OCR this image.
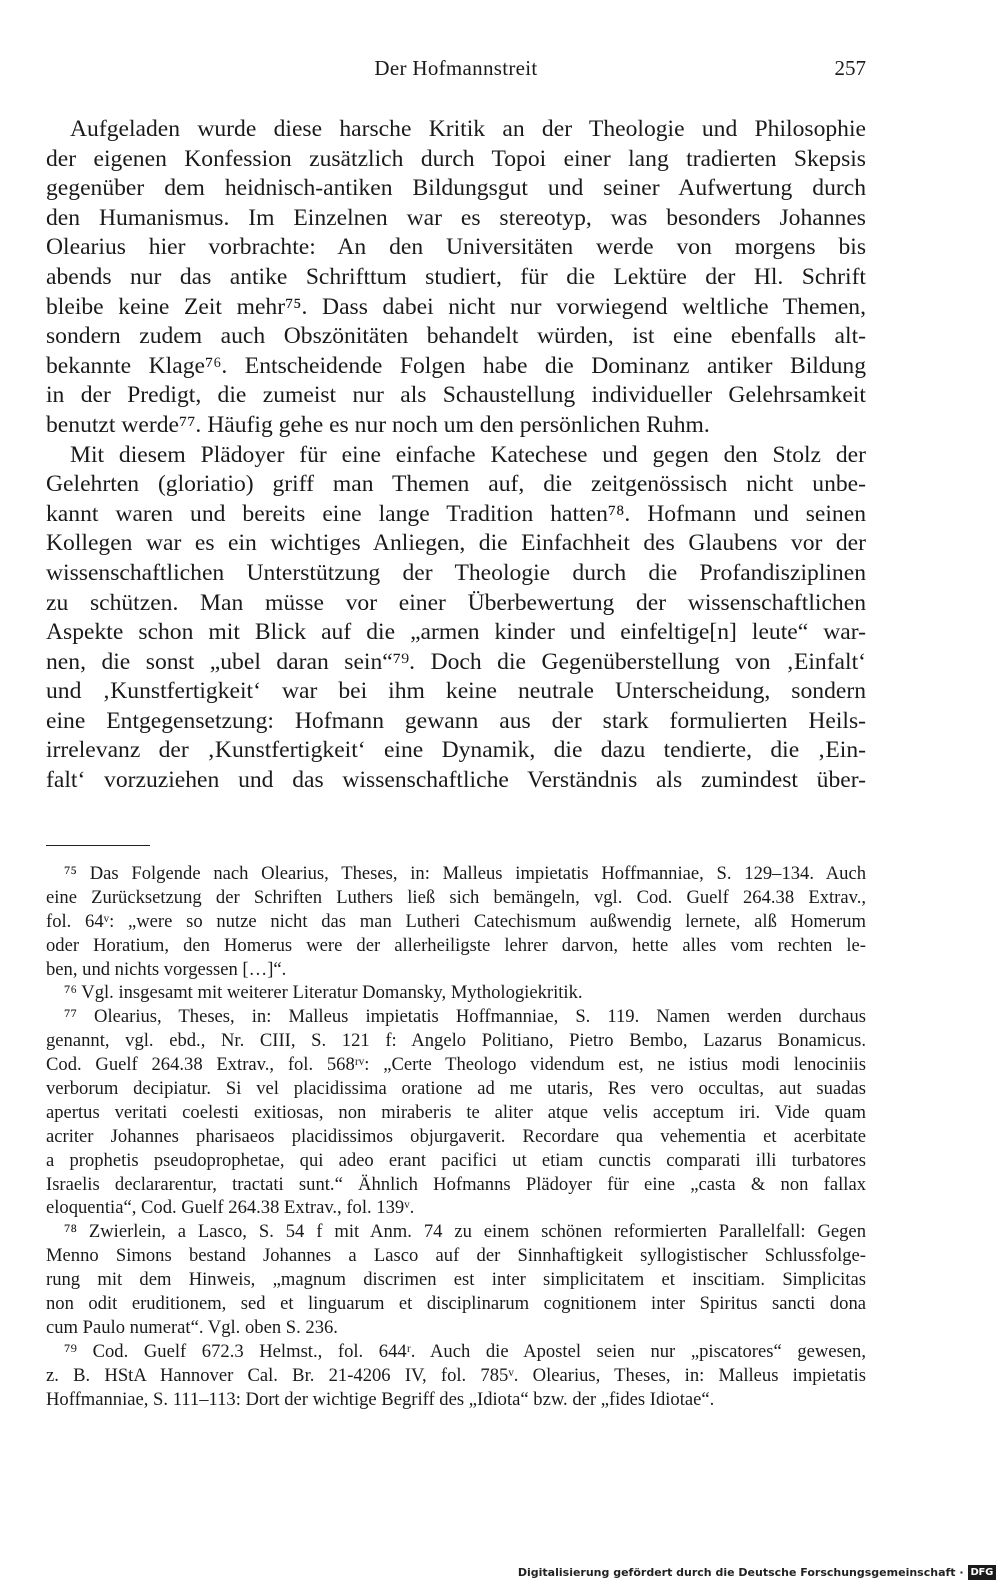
Der Hofmannstreit	257
Aufgeladen wurde diese harsche Kritik an der Theologie und Philosophie
der eigenen Konfession zusätzlich durch Topoi einer lang tradierten Skepsis
gegenüber dem heidnisch-antiken Bildungsgut und seiner Aufwertung durch
den Humanismus. Im Einzelnen war es stereotyp, was besonders Johannes
Olearius hier vorbrachte: An den Universitäten werde von morgens bis
abends nur das antike Schrifttum studiert, für die Lektüre der Hl. Schrift
bleibe keine Zeit mehr⁷⁵. Dass dabei nicht nur vorwiegend weltliche Themen,
sondern zudem auch Obszönitäten behandelt würden, ist eine ebenfalls alt-
bekannte Klage⁷⁶. Entscheidende Folgen habe die Dominanz antiker Bildung
in der Predigt, die zumeist nur als Schaustellung individueller Gelehrsamkeit
benutzt werde⁷⁷. Häufig gehe es nur noch um den persönlichen Ruhm.
Mit diesem Plädoyer für eine einfache Katechese und gegen den Stolz der
Gelehrten (gloriatio) griff man Themen auf, die zeitgenössisch nicht unbe-
kannt waren und bereits eine lange Tradition hatten⁷⁸. Hofmann und seinen
Kollegen war es ein wichtiges Anliegen, die Einfachheit des Glaubens vor der
wissenschaftlichen Unterstützung der Theologie durch die Profandisziplinen
zu schützen. Man müsse vor einer Überbewertung der wissenschaftlichen
Aspekte schon mit Blick auf die „armen kinder und einfeltige[n] leute“ war-
nen, die sonst „ubel daran sein“⁷⁹. Doch die Gegenüberstellung von ‚Einfalt‘
und ‚Kunstfertigkeit‘ war bei ihm keine neutrale Unterscheidung, sondern
eine Entgegensetzung: Hofmann gewann aus der stark formulierten Heils-
irrelevanz der ‚Kunstfertigkeit‘ eine Dynamik, die dazu tendierte, die ‚Ein-
falt‘ vorzuziehen und das wissenschaftliche Verständnis als zumindest über-
⁷⁵ Das Folgende nach Olearius, Theses, in: Malleus impietatis Hoffmanniae, S. 129–134. Auch
eine Zurücksetzung der Schriften Luthers ließ sich bemängeln, vgl. Cod. Guelf 264.38 Extrav.,
fol. 64ᵛ: „were so nutze nicht das man Lutheri Catechismum außwendig lernete, alß Homerum
oder Horatium, den Homerus were der allerheiligste lehrer darvon, hette alles vom rechten le-
ben, und nichts vorgessen […]“.
⁷⁶ Vgl. insgesamt mit weiterer Literatur Domansky, Mythologiekritik.
⁷⁷ Olearius, Theses, in: Malleus impietatis Hoffmanniae, S. 119. Namen werden durchaus
genannt, vgl. ebd., Nr. CIII, S. 121 f: Angelo Politiano, Pietro Bembo, Lazarus Bonamicus.
Cod. Guelf 264.38 Extrav., fol. 568ʳᵛ: „Certe Theologo videndum est, ne istius modi lenociniis
verborum decipiatur. Si vel placidissima oratione ad me utaris, Res vero occultas, aut suadas
apertus veritati coelesti exitiosas, non miraberis te aliter atque velis acceptum iri. Vide quam
acriter Johannes pharisaeos placidissimos objurgaverit. Recordare qua vehementia et acerbitate
a prophetis pseudoprophetae, qui adeo erant pacifici ut etiam cunctis comparati illi turbatores
Israelis declararentur, tractati sunt.“ Ähnlich Hofmanns Plädoyer für eine „casta & non fallax
eloquentia“, Cod. Guelf 264.38 Extrav., fol. 139ᵛ.
⁷⁸ Zwierlein, a Lasco, S. 54 f mit Anm. 74 zu einem schönen reformierten Parallelfall: Gegen
Menno Simons bestand Johannes a Lasco auf der Sinnhaftigkeit syllogistischer Schlussfolge-
rung mit dem Hinweis, „magnum discrimen est inter simplicitatem et inscitiam. Simplicitas
non odit eruditionem, sed et linguarum et disciplinarum cognitionem inter Spiritus sancti dona
cum Paulo numerat“. Vgl. oben S. 236.
⁷⁹ Cod. Guelf 672.3 Helmst., fol. 644ʳ. Auch die Apostel seien nur „piscatores“ gewesen,
z. B. HStA Hannover Cal. Br. 21-4206 IV, fol. 785ᵛ. Olearius, Theses, in: Malleus impietatis
Hoffmanniae, S. 111–113: Dort der wichtige Begriff des „Idiota“ bzw. der „fides Idiotae“.
Digitalisierung gefördert durch die Deutsche Forschungsgemeinschaft · DFG
